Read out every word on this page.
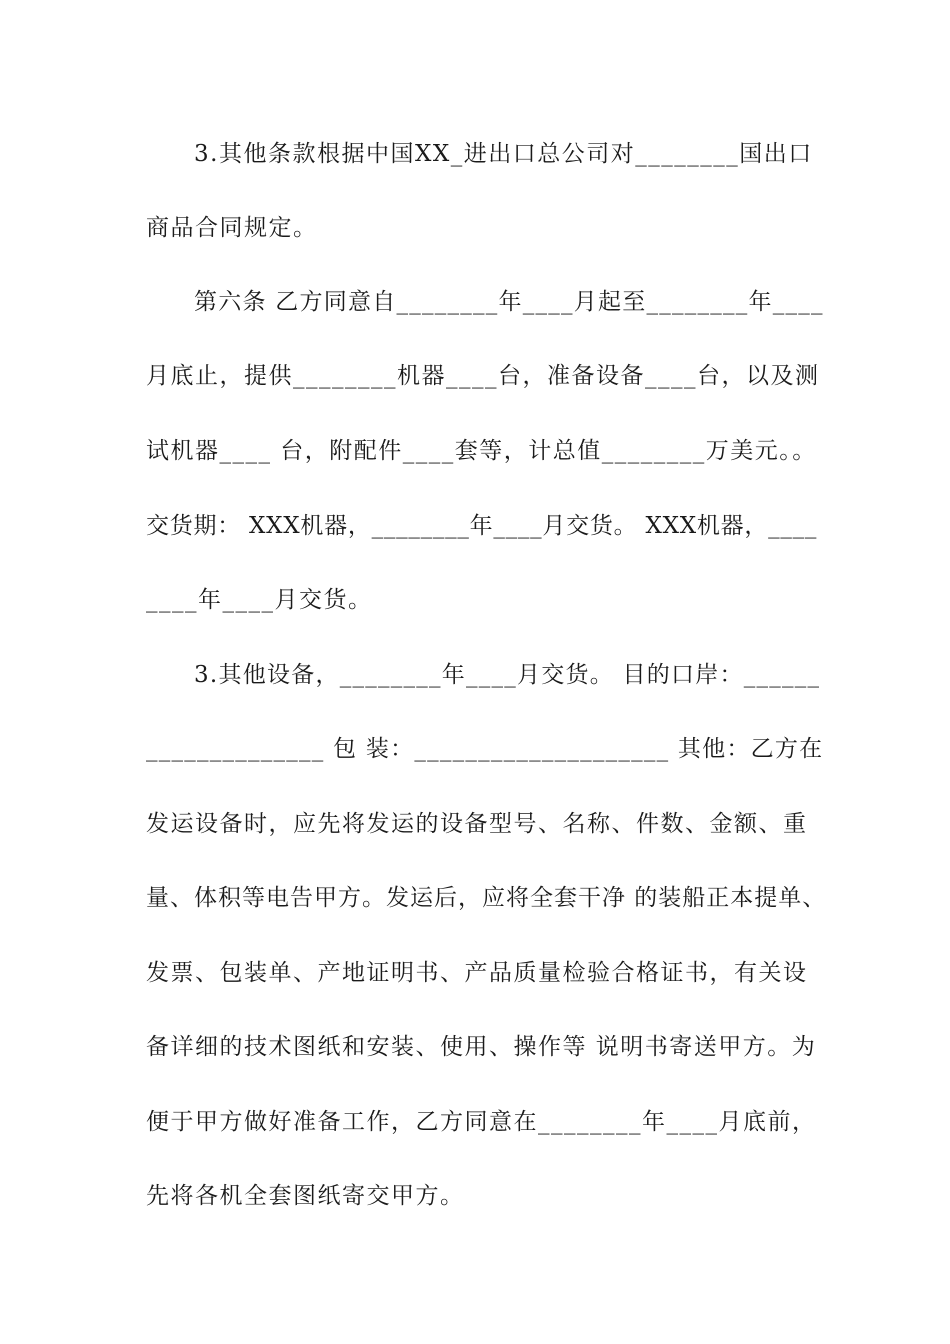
3.其他条款根据中国XX_进出口总公司对________国出口
商品合同规定。
第六条 乙方同意自________年____月起至________年____
月底止，提供________机器____台，准备设备____台，以及测
试机器____ 台，附配件____套等，计总值________万美元。。
交货期： XXX机器，________年____月交货。 XXX机器，____
____年____月交货。
3.其他设备，________年____月交货。 目的口岸：______
______________ 包 装：____________________ 其他：乙方在
发运设备时，应先将发运的设备型号、名称、件数、金额、重
量、体积等电告甲方。发运后，应将全套干净 的装船正本提单、
发票、包装单、产地证明书、产品质量检验合格证书，有关设
备详细的技术图纸和安装、使用、操作等 说明书寄送甲方。为
便于甲方做好准备工作，乙方同意在________年____月底前，
先将各机全套图纸寄交甲方。
